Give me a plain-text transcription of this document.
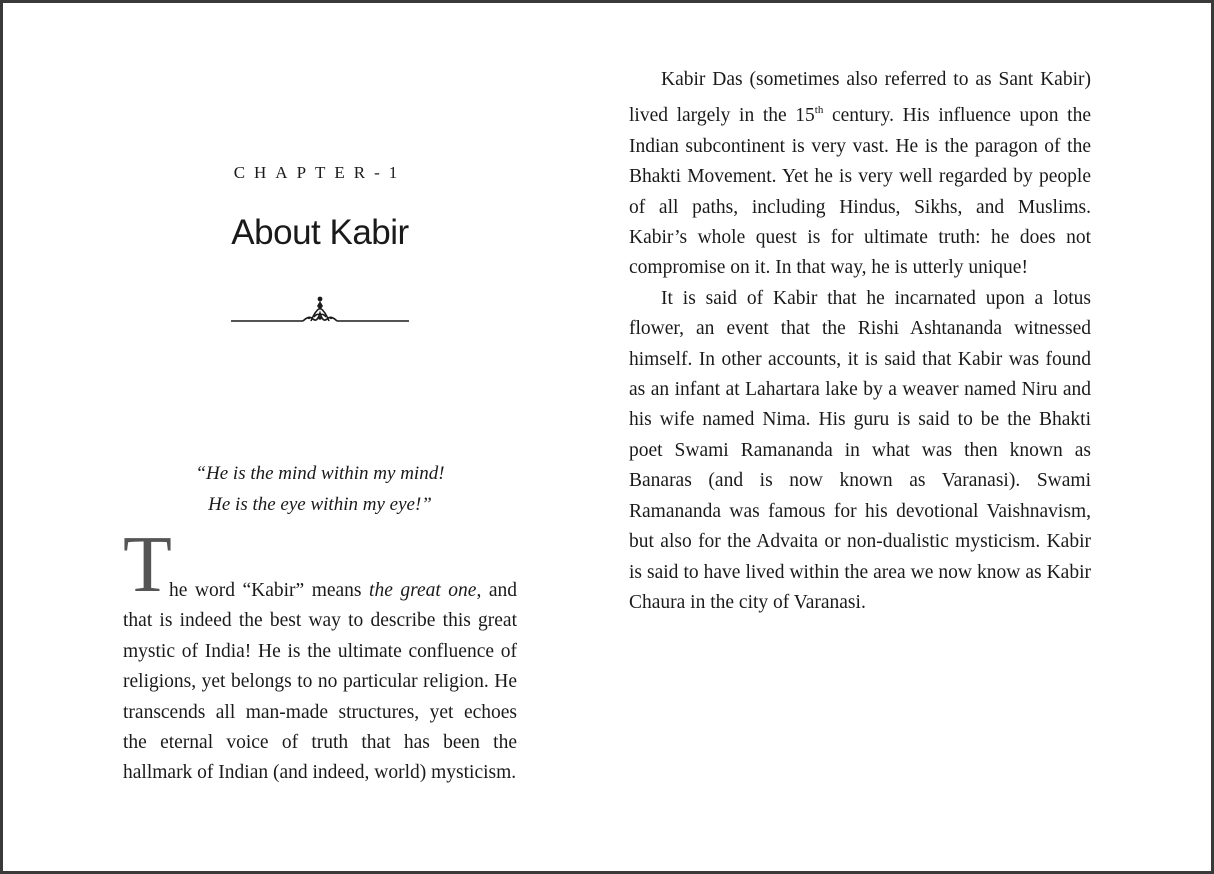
CHAPTER-1
About Kabir
“He is the mind within my mind!
He is the eye within my eye!”
T
he word “Kabir” means the great one, and that is indeed the best way to describe this great mystic of India! He is the ultimate confluence of religions, yet belongs to no particular religion. He transcends all man-made structures, yet echoes the eternal voice of truth that has been the hallmark of Indian (and indeed, world) mysticism.

Kabir Das (sometimes also referred to as Sant Kabir) lived largely in the 15th century. His influence upon the Indian subcontinent is very vast. He is the paragon of the Bhakti Movement. Yet he is very well regarded by people of all paths, including Hindus, Sikhs, and Muslims. Kabir’s whole quest is for ultimate truth: he does not compromise on it. In that way, he is utterly unique!

It is said of Kabir that he incarnated upon a lotus flower, an event that the Rishi Ashtananda witnessed himself. In other accounts, it is said that Kabir was found as an infant at Lahartara lake by a weaver named Niru and his wife named Nima. His guru is said to be the Bhakti poet Swami Ramananda in what was then known as Banaras (and is now known as Varanasi). Swami Ramananda was famous for his devotional Vaishnavism, but also for the Advaita or non-dualistic mysticism. Kabir is said to have lived within the area we now know as Kabir Chaura in the city of Varanasi.
